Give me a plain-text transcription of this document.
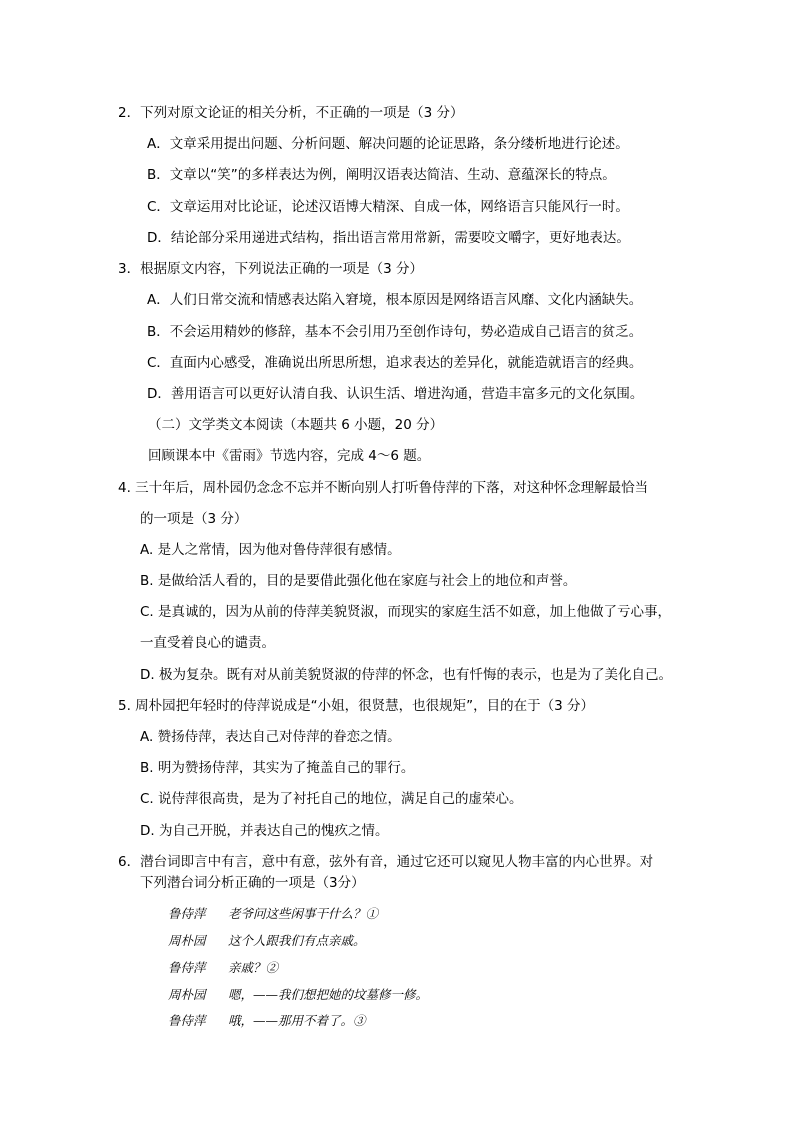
2．下列对原文论证的相关分析，不正确的一项是（3 分）
A．文章采用提出问题、分析问题、解决问题的论证思路，条分缕析地进行论述。
B．文章以“笑”的多样表达为例，阐明汉语表达简洁、生动、意蕴深长的特点。
C．文章运用对比论证，论述汉语博大精深、自成一体，网络语言只能风行一时。
D．结论部分采用递进式结构，指出语言常用常新，需要咬文嚼字，更好地表达。
3．根据原文内容，下列说法正确的一项是（3 分）
A．人们日常交流和情感表达陷入窘境，根本原因是网络语言风靡、文化内涵缺失。
B．不会运用精妙的修辞，基本不会引用乃至创作诗句，势必造成自己语言的贫乏。
C．直面内心感受，准确说出所思所想，追求表达的差异化，就能造就语言的经典。
D．善用语言可以更好认清自我、认识生活、增进沟通，营造丰富多元的文化氛围。
（二）文学类文本阅读（本题共 6 小题，20 分）
回顾课本中《雷雨》节选内容，完成 4～6 题。
4. 三十年后，周朴园仍念念不忘并不断向别人打听鲁侍萍的下落，对这种怀念理解最恰当
的一项是（3 分）
A. 是人之常情，因为他对鲁侍萍很有感情。
B. 是做给活人看的，目的是要借此强化他在家庭与社会上的地位和声誉。
C. 是真诚的，因为从前的侍萍美貌贤淑，而现实的家庭生活不如意，加上他做了亏心事，
一直受着良心的谴责。
D. 极为复杂。既有对从前美貌贤淑的侍萍的怀念，也有忏悔的表示，也是为了美化自己。
5. 周朴园把年轻时的侍萍说成是“小姐，很贤慧，也很规矩”，目的在于（3 分）
A. 赞扬侍萍，表达自己对侍萍的眷恋之情。
B. 明为赞扬侍萍，其实为了掩盖自己的罪行。
C. 说侍萍很高贵，是为了衬托自己的地位，满足自己的虚荣心。
D. 为自己开脱，并表达自己的愧疚之情。
6．潜台词即言中有言，意中有意，弦外有音，通过它还可以窥见人物丰富的内心世界。对
下列潜台词分析正确的一项是（3分）
鲁侍萍 老爷问这些闲事干什么？①
周朴园 这个人跟我们有点亲戚。
鲁侍萍 亲戚？②
周朴园 嗯，——我们想把她的坟墓修一修。
鲁侍萍 哦，——那用不着了。③
